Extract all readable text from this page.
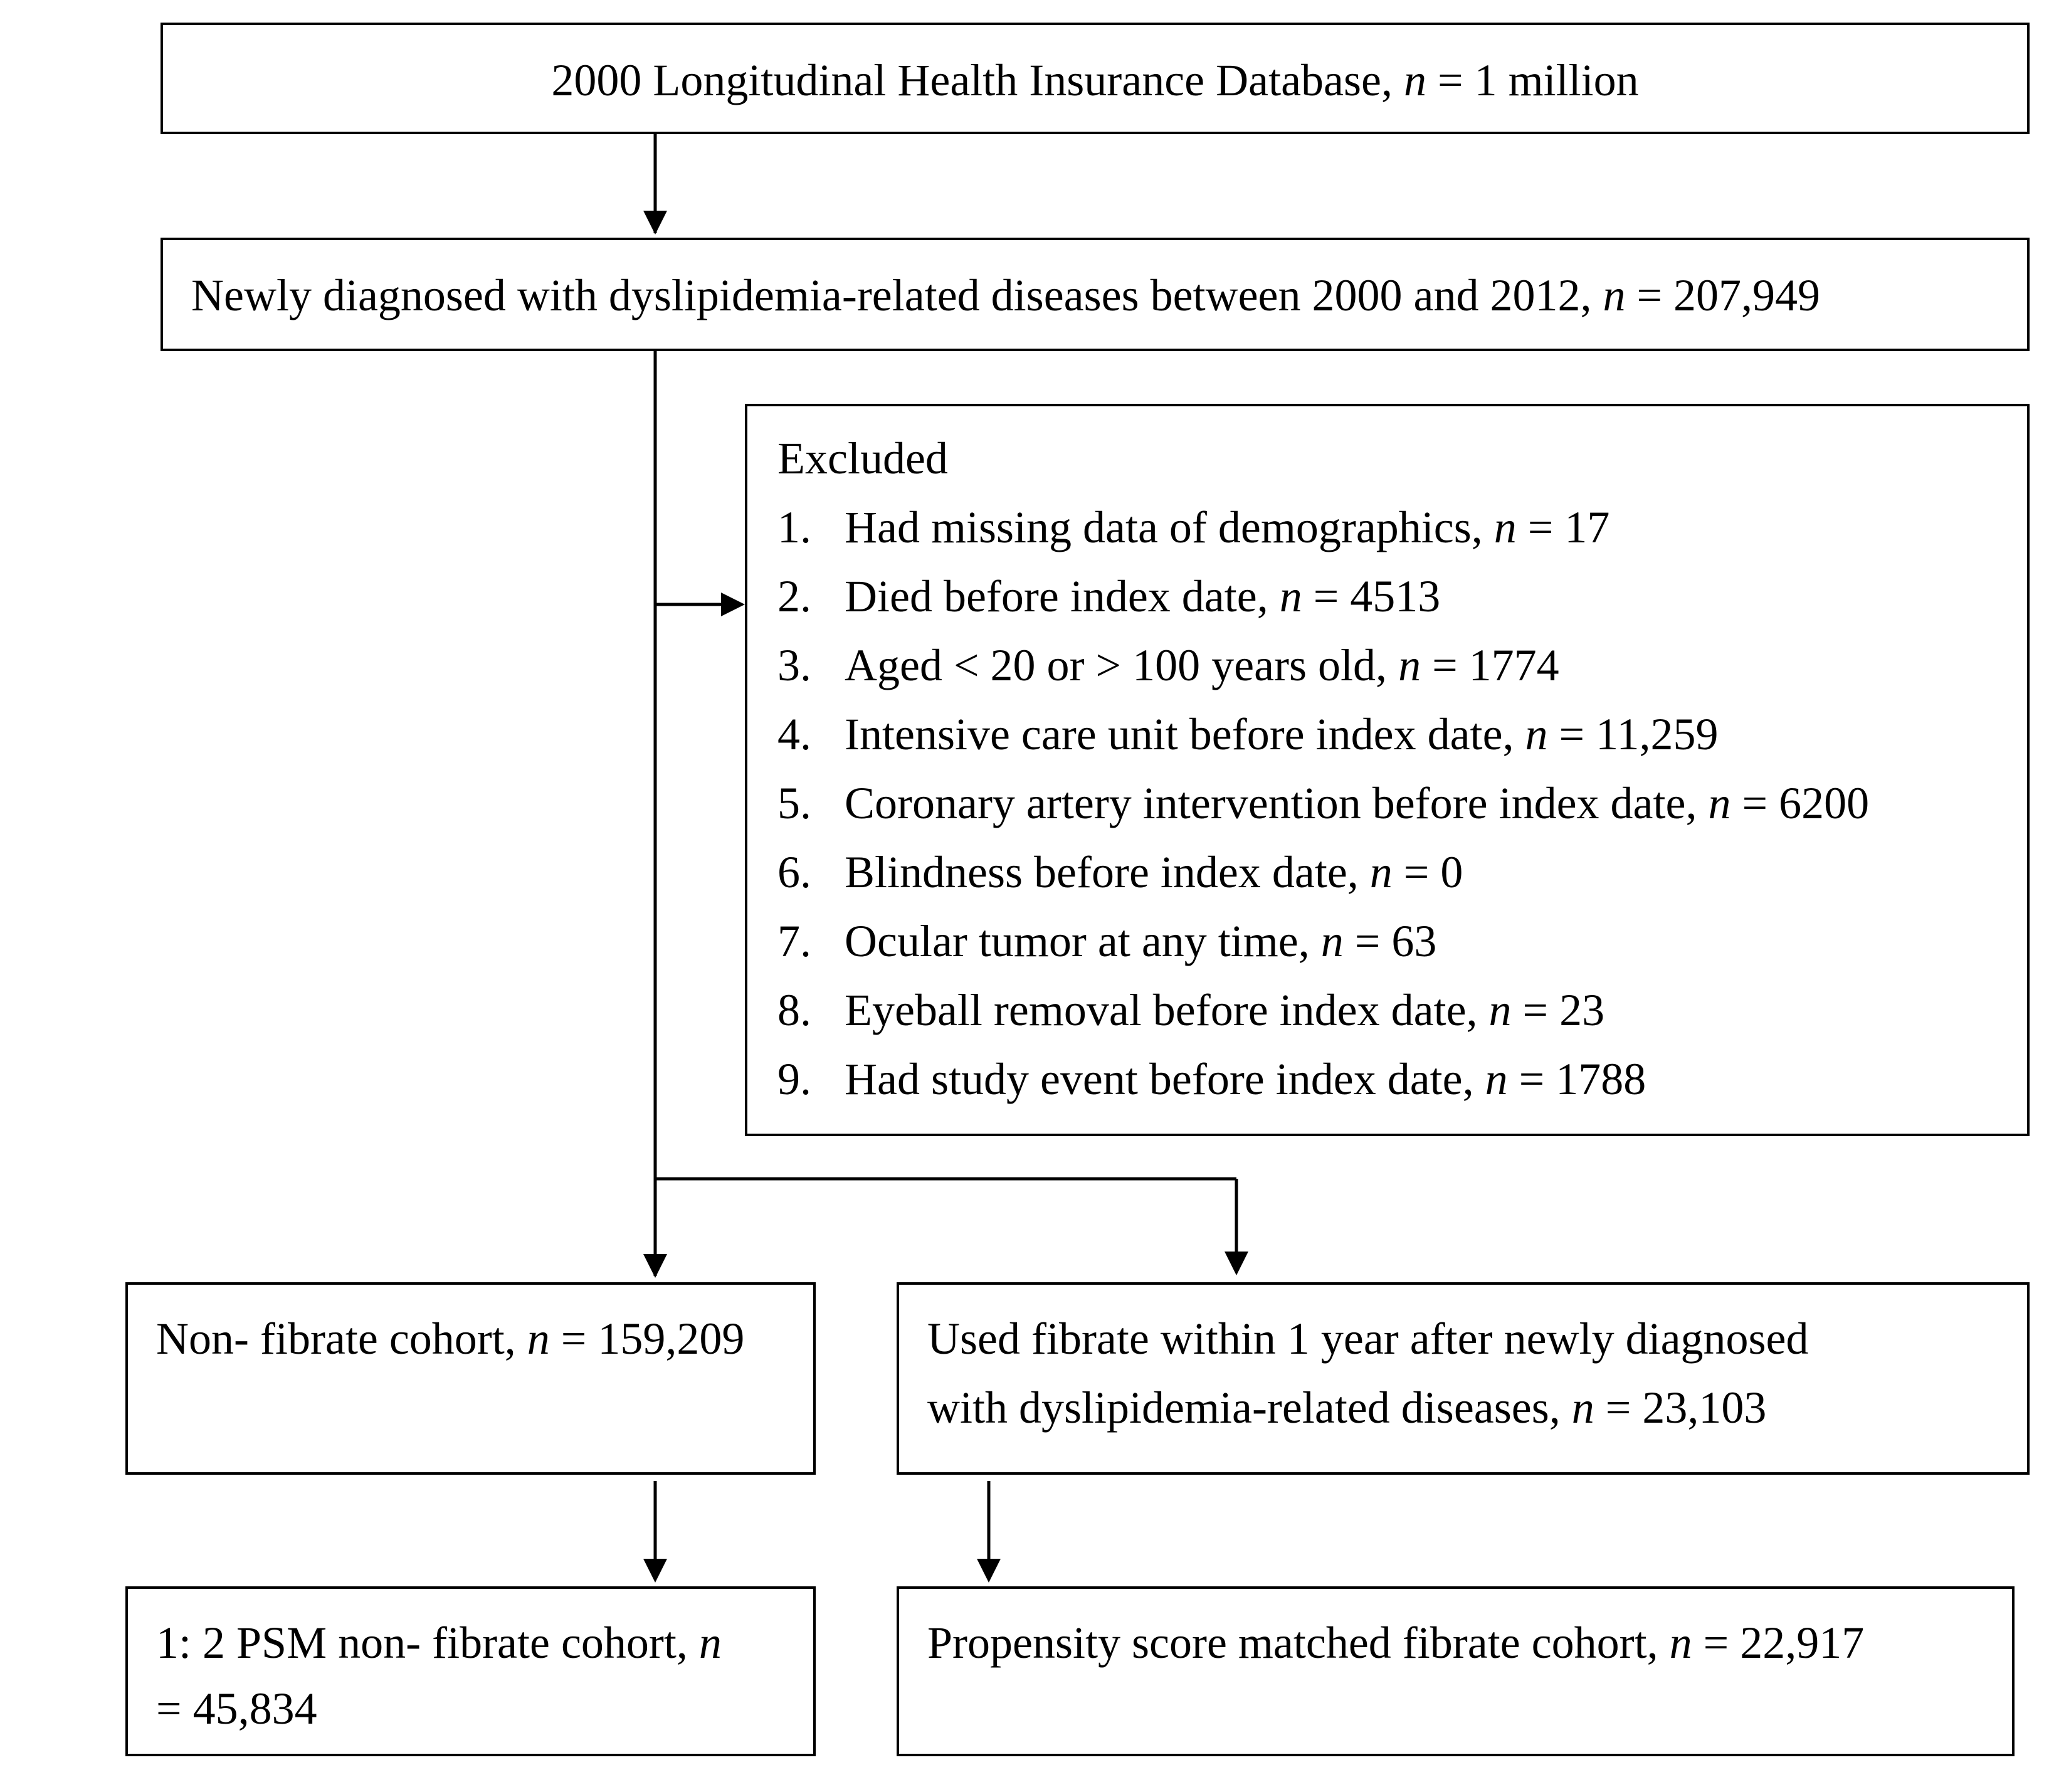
2000 Longitudinal Health Insurance Database, n = 1 million
Newly diagnosed with dyslipidemia-related diseases between 2000 and 2012, n = 207,949
Excluded
1. Had missing data of demographics, n = 17
2. Died before index date, n = 4513
3. Aged < 20 or > 100 years old, n = 1774
4. Intensive care unit before index date, n = 11,259
5. Coronary artery intervention before index date, n = 6200
6. Blindness before index date, n = 0
7. Ocular tumor at any time, n = 63
8. Eyeball removal before index date, n = 23
9. Had study event before index date, n = 1788
Non- fibrate cohort, n = 159,209	Used fibrate within 1 year after newly diagnosed
with dyslipidemia-related diseases, n = 23,103
1: 2 PSM non- fibrate cohort, n
= 45,834
Propensity score matched fibrate cohort, n = 22,917
